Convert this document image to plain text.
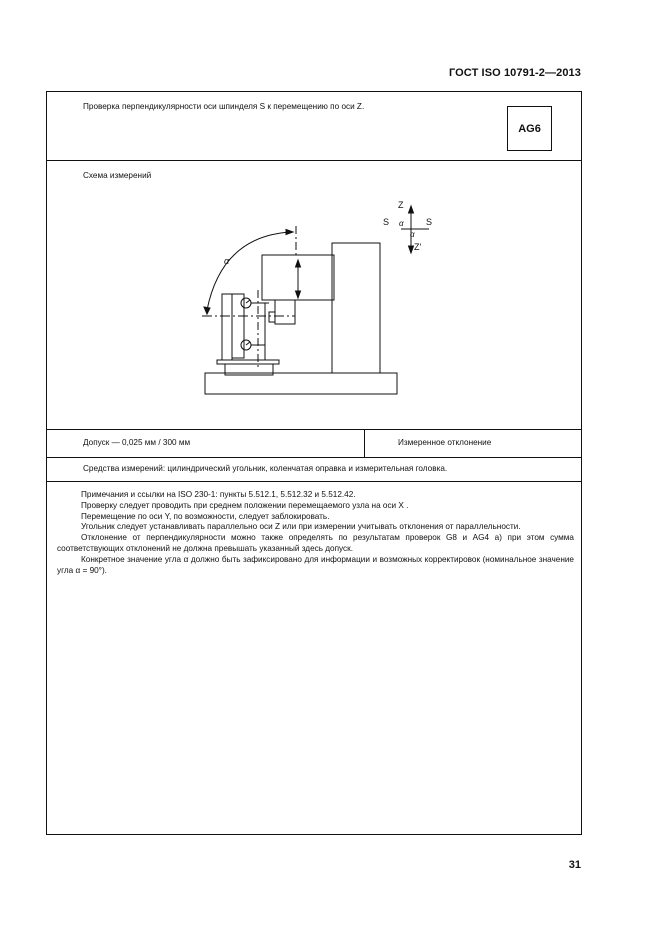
ГОСТ ISO 10791-2—2013
Проверка перпендикулярности оси шпинделя S к перемещению по оси Z.
AG6
Схема измерений
Z
Z'
S	S
α
α
α
Допуск — 0,025 мм / 300 мм	Измеренное отклонение
Средства измерений: цилиндрический угольник, коленчатая оправка и измерительная головка.

Примечания и ссылки на ISO 230-1: пункты 5.512.1, 5.512.32 и 5.512.42.

Проверку следует проводить при среднем положении перемещаемого узла на оси X .

Перемещение по оси Y, по возможности, следует заблокировать.

Угольник следует устанавливать параллельно оси Z или при измерении учитывать отклонения от параллельности.

Отклонение от перпендикулярности можно также определять по результатам проверок G8 и AG4 а) при этом сумма соответствующих отклонений не должна превышать указанный здесь допуск.

Конкретное значение угла α должно быть зафиксировано для информации и возможных корректировок (номинальное значение угла α = 90°).

31
